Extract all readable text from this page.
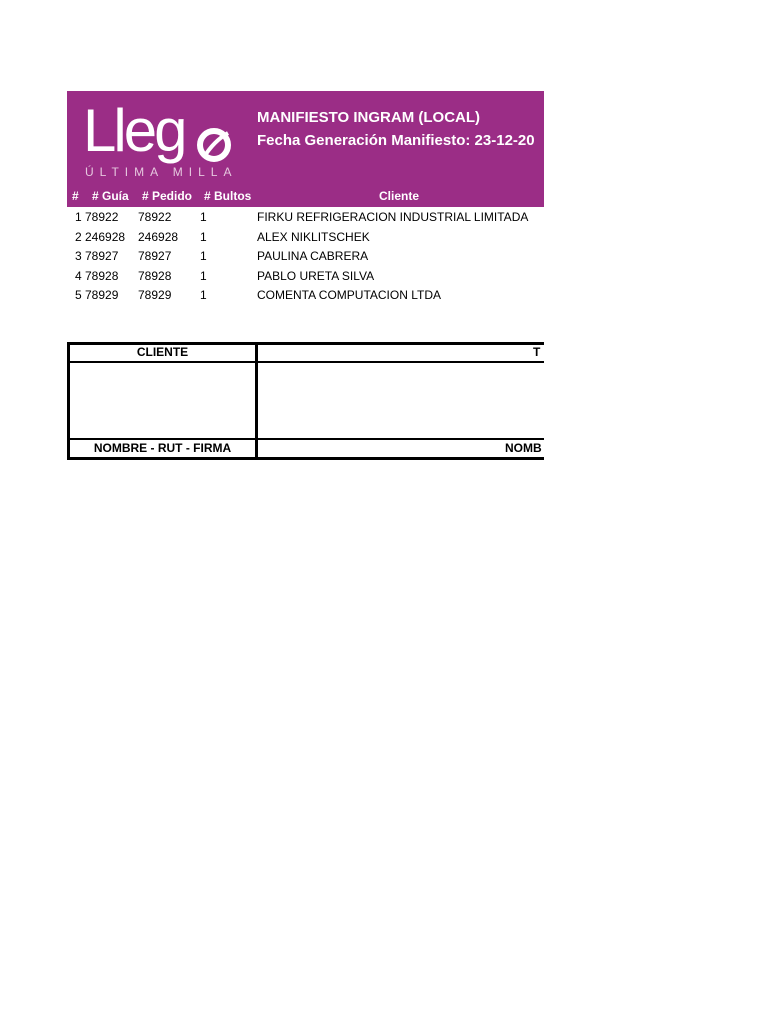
Lleg
ÚLTIMA MILLA
MANIFIESTO INGRAM (LOCAL)
Fecha Generación Manifiesto: 23-12-20
# # Guía # Pedido # Bultos	Cliente
1 78922 78922 1	FIRKU REFRIGERACION INDUSTRIAL LIMITADA
2 246928 246928 1	ALEX NIKLITSCHEK
3 78927 78927 1	PAULINA CABRERA
4 78928 78928 1	PABLO URETA SILVA
5 78929 78929 1	COMENTA COMPUTACION LTDA
CLIENTE	T
NOMBRE - RUT - FIRMA	NOMB
